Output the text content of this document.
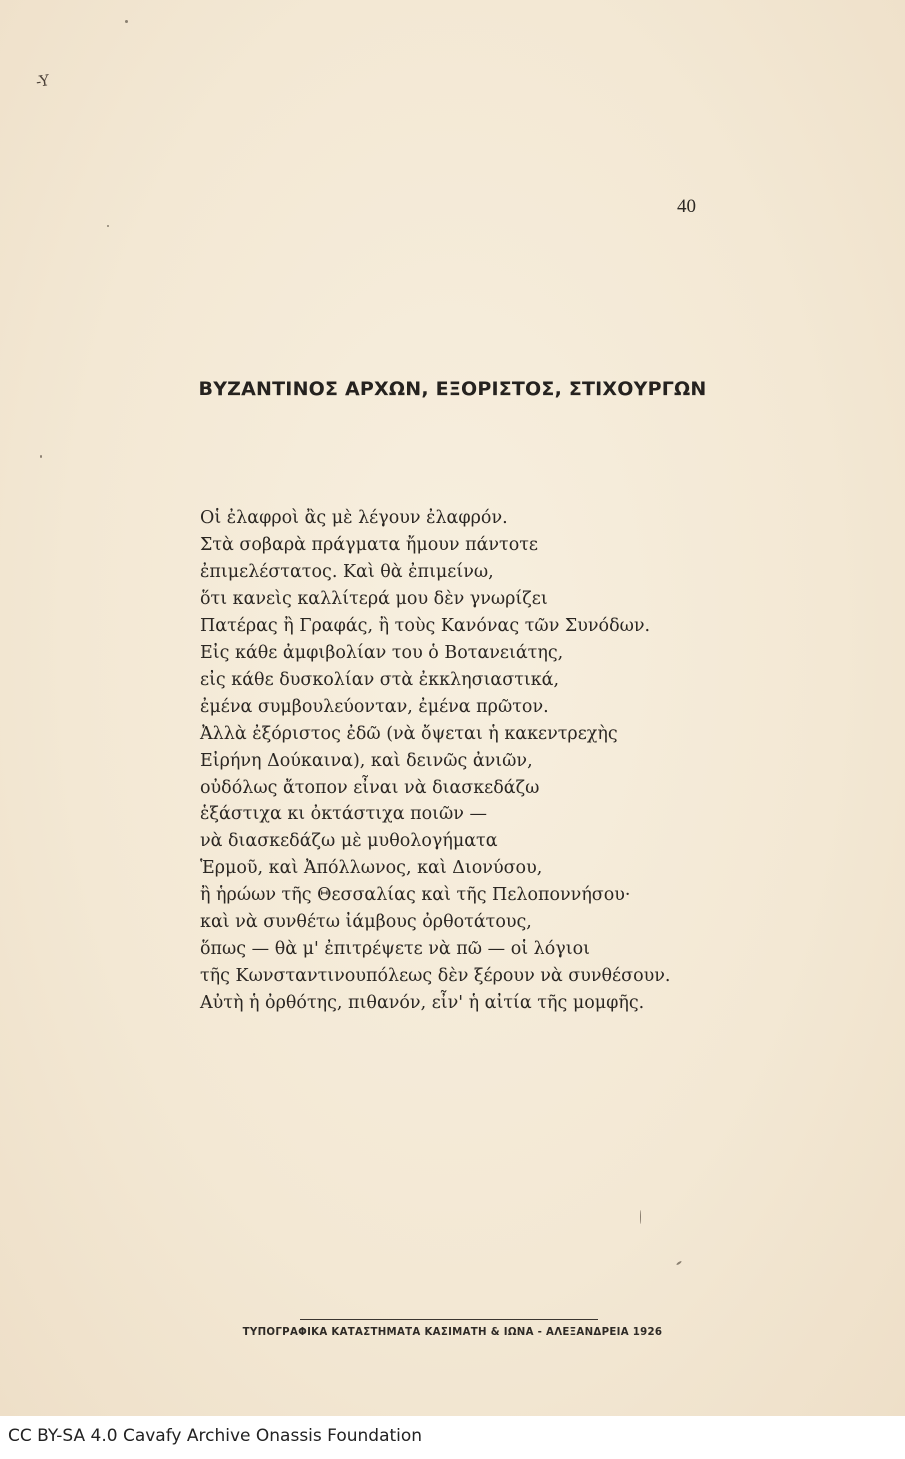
-Y
40
ΒΥΖΑΝΤΙΝΟΣ ΑΡΧΩΝ, ΕΞΟΡΙΣΤΟΣ, ΣΤΙΧΟΥΡΓΩΝ
Οἱ ἐλαφροὶ ἂς μὲ λέγουν ἐλαφρόν.
Στὰ σοβαρὰ πράγματα ἤμουν πάντοτε
ἐπιμελέστατος. Καὶ θὰ ἐπιμείνω,
ὅτι κανεὶς καλλίτερά μου δὲν γνωρίζει
Πατέρας ἢ Γραφάς, ἢ τοὺς Κανόνας τῶν Συνόδων.
Εἰς κάθε ἀμφιβολίαν του ὁ Βοτανειάτης,
εἰς κάθε δυσκολίαν στὰ ἐκκλησιαστικά,
ἐμένα συμβουλεύονταν, ἐμένα πρῶτον.
Ἀλλὰ ἐξόριστος ἐδῶ (νὰ ὄψεται ἡ κακεντρεχὴς
Εἰρήνη Δούκαινα), καὶ δεινῶς ἀνιῶν,
οὐδόλως ἄτοπον εἶναι νὰ διασκεδάζω
ἑξάστιχα κι ὀκτάστιχα ποιῶν —
νὰ διασκεδάζω μὲ μυθολογήματα
Ἑρμοῦ, καὶ Ἀπόλλωνος, καὶ Διονύσου,
ἢ ἡρώων τῆς Θεσσαλίας καὶ τῆς Πελοποννήσου·
καὶ νὰ συνθέτω ἰάμβους ὀρθοτάτους,
ὅπως — θὰ μ' ἐπιτρέψετε νὰ πῶ — οἱ λόγιοι
τῆς Κωνσταντινουπόλεως δὲν ξέρουν νὰ συνθέσουν.
Αὐτὴ ἡ ὀρθότης, πιθανόν, εἶν' ἡ αἰτία τῆς μομφῆς.
ΤΥΠΟΓΡΑΦΙΚΑ ΚΑΤΑΣΤΗΜΑΤΑ ΚΑΣΙΜΑΤΗ & ΙΩΝΑ - ΑΛΕΞΑΝΔΡΕΙΑ 1926
CC BY-SA 4.0 Cavafy Archive Onassis Foundation
